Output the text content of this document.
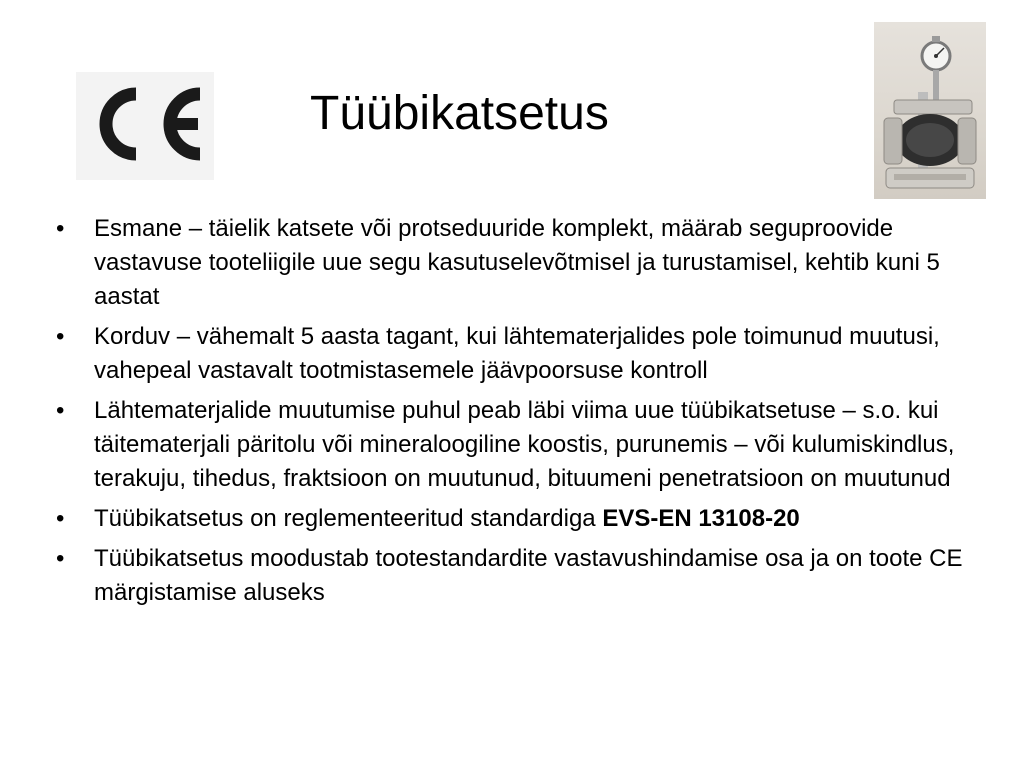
Tüübikatsetus
•	Esmane – täielik katsete või protseduuride komplekt, määrab seguproovide vastavuse tooteliigile uue segu kasutuselevõtmisel ja turustamisel, kehtib kuni 5 aastat
•	Korduv – vähemalt 5 aasta tagant, kui lähtematerjalides pole toimunud muutusi, vahepeal vastavalt tootmistasemele jäävpoorsuse kontroll
•	Lähtematerjalide muutumise puhul peab läbi viima uue tüübikatsetuse – s.o. kui täitematerjali päritolu või mineraloogiline koostis, purunemis – või kulumiskindlus, terakuju, tihedus, fraktsioon on muutunud, bituumeni penetratsioon on muutunud
•	Tüübikatsetus on reglementeeritud standardiga EVS-EN 13108-20
•	Tüübikatsetus moodustab tootestandardite vastavushindamise osa ja on toote CE märgistamise aluseks
